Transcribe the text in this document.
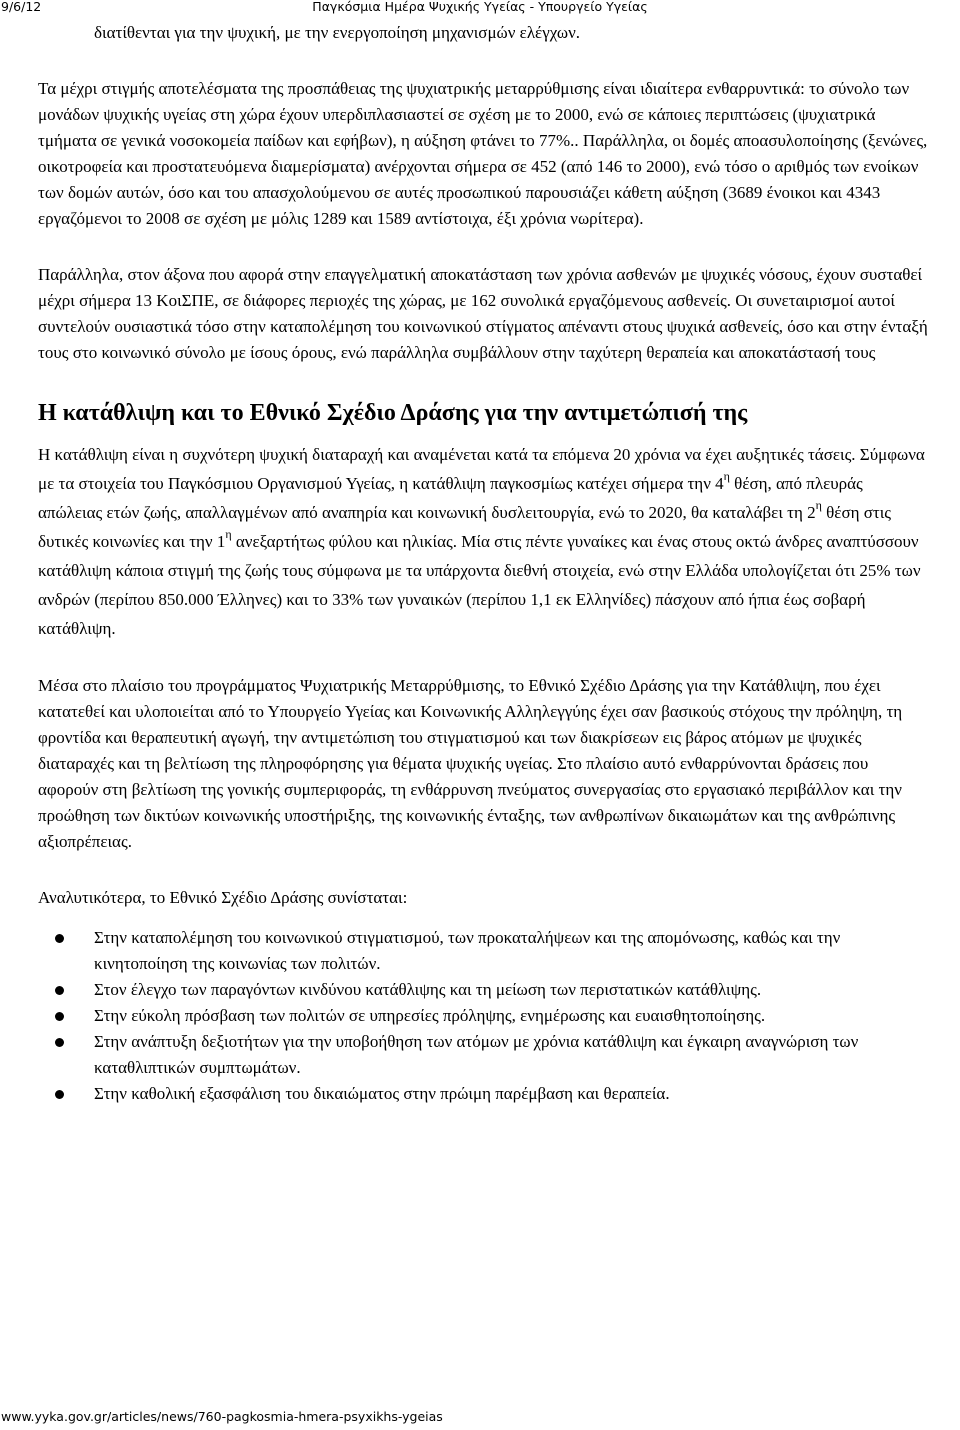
9/6/12	Παγκόσμια Ημέρα Ψυχικής Υγείας - Υπουργείο Υγείας

διατίθενται για την ψυχική, με την ενεργοποίηση μηχανισμών ελέγχων.

Τα μέχρι στιγμής αποτελέσματα της προσπάθειας της ψυχιατρικής μεταρρύθμισης είναι ιδιαίτερα ενθαρρυντικά: το σύνολο των μονάδων ψυχικής υγείας στη χώρα έχουν υπερδιπλασιαστεί σε σχέση με το 2000, ενώ σε κάποιες περιπτώσεις (ψυχιατρικά τμήματα σε γενικά νοσοκομεία παίδων και εφήβων), η αύξηση φτάνει το 77%.. Παράλληλα, οι δομές αποασυλοποίησης (ξενώνες, οικοτροφεία και προστατευόμενα διαμερίσματα) ανέρχονται σήμερα σε 452 (από 146 το 2000), ενώ τόσο ο αριθμός των ενοίκων των δομών αυτών, όσο και του απασχολούμενου σε αυτές προσωπικού παρουσιάζει κάθετη αύξηση (3689 ένοικοι και 4343 εργαζόμενοι το 2008 σε σχέση με μόλις 1289 και 1589 αντίστοιχα, έξι χρόνια νωρίτερα).

Παράλληλα, στον άξονα που αφορά στην επαγγελματική αποκατάσταση των χρόνια ασθενών με ψυχικές νόσους, έχουν συσταθεί μέχρι σήμερα 13 ΚοιΣΠΕ, σε διάφορες περιοχές της χώρας, με 162 συνολικά εργαζόμενους ασθενείς. Οι συνεταιρισμοί αυτοί συντελούν ουσιαστικά τόσο στην καταπολέμηση του κοινωνικού στίγματος απέναντι στους ψυχικά ασθενείς, όσο και στην ένταξή τους στο κοινωνικό σύνολο με ίσους όρους, ενώ παράλληλα συμβάλλουν στην ταχύτερη θεραπεία και αποκατάστασή τους

Η κατάθλιψη και το Εθνικό Σχέδιο Δράσης για την αντιμετώπισή της

Η κατάθλιψη είναι η συχνότερη ψυχική διαταραχή και αναμένεται κατά τα επόμενα 20 χρόνια να έχει αυξητικές τάσεις. Σύμφωνα με τα στοιχεία του Παγκόσμιου Οργανισμού Υγείας, η κατάθλιψη παγκοσμίως κατέχει σήμερα την $4^\eta$ θέση, από πλευράς απώλειας ετών ζωής, απαλλαγμένων από αναπηρία και κοινωνική δυσλειτουργία, ενώ το 2020, θα καταλάβει τη $2^\eta$ θέση στις δυτικές κοινωνίες και την $1^\eta$ ανεξαρτήτως φύλου και ηλικίας. Μία στις πέντε γυναίκες και ένας στους οκτώ άνδρες αναπτύσσουν κατάθλιψη κάποια στιγμή της ζωής τους σύμφωνα με τα υπάρχοντα διεθνή στοιχεία, ενώ στην Ελλάδα υπολογίζεται ότι 25% των ανδρών (περίπου 850.000 Έλληνες) και το 33% των γυναικών (περίπου 1,1 εκ Ελληνίδες) πάσχουν από ήπια έως σοβαρή κατάθλιψη.

Μέσα στο πλαίσιο του προγράμματος Ψυχιατρικής Μεταρρύθμισης, το Εθνικό Σχέδιο Δράσης για την Κατάθλιψη, που έχει κατατεθεί και υλοποιείται από το Υπουργείο Υγείας και Κοινωνικής Αλληλεγγύης έχει σαν βασικούς στόχους την πρόληψη, τη φροντίδα και θεραπευτική αγωγή, την αντιμετώπιση του στιγματισμού και των διακρίσεων εις βάρος ατόμων με ψυχικές διαταραχές και τη βελτίωση της πληροφόρησης για θέματα ψυχικής υγείας. Στο πλαίσιο αυτό ενθαρρύνονται δράσεις που αφορούν στη βελτίωση της γονικής συμπεριφοράς, τη ενθάρρυνση πνεύματος συνεργασίας στο εργασιακό περιβάλλον και την προώθηση των δικτύων κοινωνικής υποστήριξης, της κοινωνικής ένταξης, των ανθρωπίνων δικαιωμάτων και της ανθρώπινης αξιοπρέπειας.

Αναλυτικότερα, το Εθνικό Σχέδιο Δράσης συνίσταται:

Στην καταπολέμηση του κοινωνικού στιγματισμού, των προκαταλήψεων και της απομόνωσης, καθώς και την κινητοποίηση της κοινωνίας των πολιτών.
Στον έλεγχο των παραγόντων κινδύνου κατάθλιψης και τη μείωση των περιστατικών κατάθλιψης.
Στην εύκολη πρόσβαση των πολιτών σε υπηρεσίες πρόληψης, ενημέρωσης και ευαισθητοποίησης.
Στην ανάπτυξη δεξιοτήτων για την υποβοήθηση των ατόμων με χρόνια κατάθλιψη και έγκαιρη αναγνώριση των καταθλιπτικών συμπτωμάτων.
Στην καθολική εξασφάλιση του δικαιώματος στην πρώιμη παρέμβαση και θεραπεία.
www.yyka.gov.gr/articles/news/760-pagkosmia-hmera-psyxikhs-ygeias
